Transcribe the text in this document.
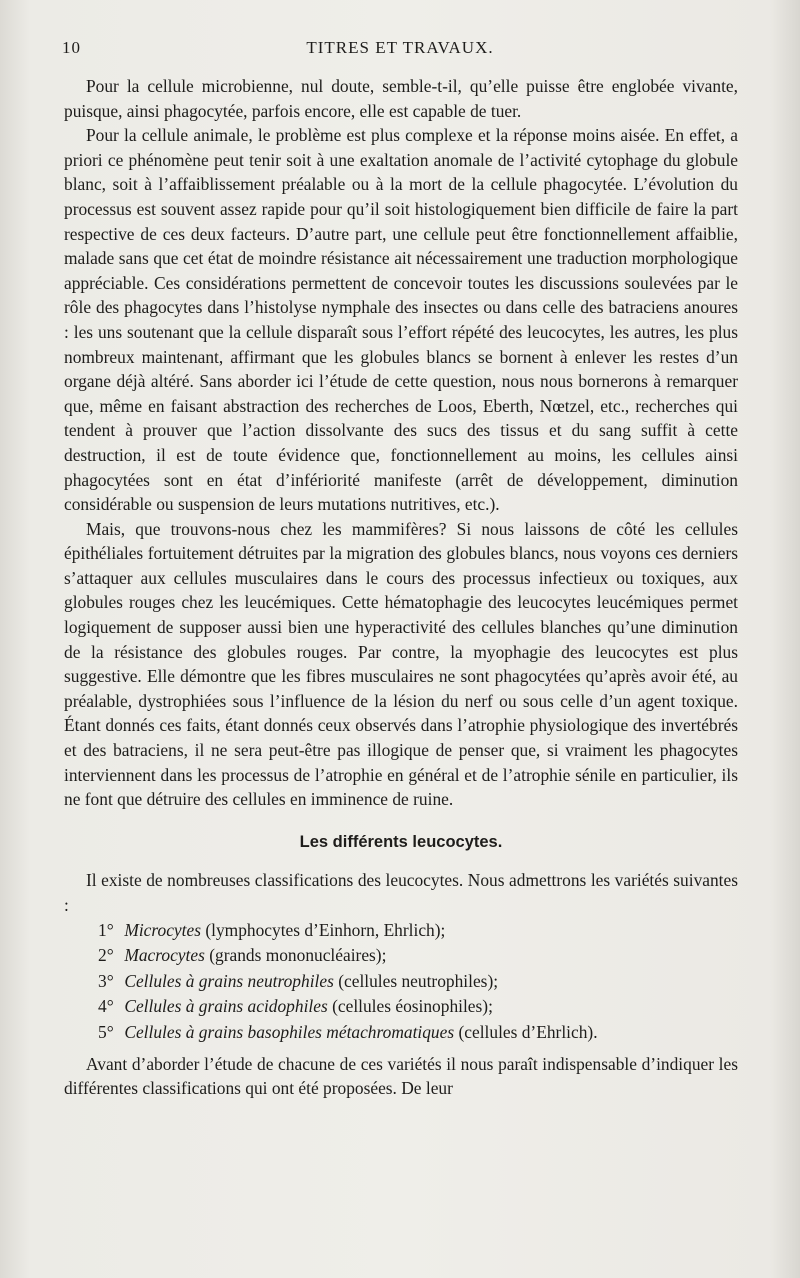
10	TITRES ET TRAVAUX.

Pour la cellule microbienne, nul doute, semble-t-il, qu’elle puisse être englobée vivante, puisque, ainsi phagocytée, parfois encore, elle est capable de tuer.

Pour la cellule animale, le problème est plus complexe et la réponse moins aisée. En effet, a priori ce phénomène peut tenir soit à une exaltation anomale de l’activité cytophage du globule blanc, soit à l’affaiblissement préalable ou à la mort de la cellule phagocytée. L’évolution du processus est souvent assez rapide pour qu’il soit histologiquement bien difficile de faire la part respective de ces deux facteurs. D’autre part, une cellule peut être fonctionnellement affaiblie, malade sans que cet état de moindre résistance ait nécessairement une traduction morphologique appréciable. Ces considérations permettent de concevoir toutes les discussions soulevées par le rôle des phagocytes dans l’histolyse nymphale des insectes ou dans celle des batraciens anoures : les uns soutenant que la cellule disparaît sous l’effort répété des leucocytes, les autres, les plus nombreux maintenant, affirmant que les globules blancs se bornent à enlever les restes d’un organe déjà altéré. Sans aborder ici l’étude de cette question, nous nous bornerons à remarquer que, même en faisant abstraction des recherches de Loos, Eberth, Nœtzel, etc., recherches qui tendent à prouver que l’action dissolvante des sucs des tissus et du sang suffit à cette destruction, il est de toute évidence que, fonctionnellement au moins, les cellules ainsi phagocytées sont en état d’infériorité manifeste (arrêt de développement, diminution considérable ou suspension de leurs mutations nutritives, etc.).

Mais, que trouvons-nous chez les mammifères? Si nous laissons de côté les cellules épithéliales fortuitement détruites par la migration des globules blancs, nous voyons ces derniers s’attaquer aux cellules musculaires dans le cours des processus infectieux ou toxiques, aux globules rouges chez les leucémiques. Cette hématophagie des leucocytes leucémiques permet logiquement de supposer aussi bien une hyperactivité des cellules blanches qu’une diminution de la résistance des globules rouges. Par contre, la myophagie des leucocytes est plus suggestive. Elle démontre que les fibres musculaires ne sont phagocytées qu’après avoir été, au préalable, dystrophiées sous l’influence de la lésion du nerf ou sous celle d’un agent toxique. Étant donnés ces faits, étant donnés ceux observés dans l’atrophie physiologique des invertébrés et des batraciens, il ne sera peut-être pas illogique de penser que, si vraiment les phagocytes interviennent dans les processus de l’atrophie en général et de l’atrophie sénile en particulier, ils ne font que détruire des cellules en imminence de ruine.

Les différents leucocytes.

Il existe de nombreuses classifications des leucocytes. Nous admettrons les variétés suivantes :

1° Microcytes (lymphocytes d’Einhorn, Ehrlich);
2° Macrocytes (grands mononucléaires);
3° Cellules à grains neutrophiles (cellules neutrophiles);
4° Cellules à grains acidophiles (cellules éosinophiles);
5° Cellules à grains basophiles métachromatiques (cellules d’Ehrlich).

Avant d’aborder l’étude de chacune de ces variétés il nous paraît indispensable d’indiquer les différentes classifications qui ont été proposées. De leur
